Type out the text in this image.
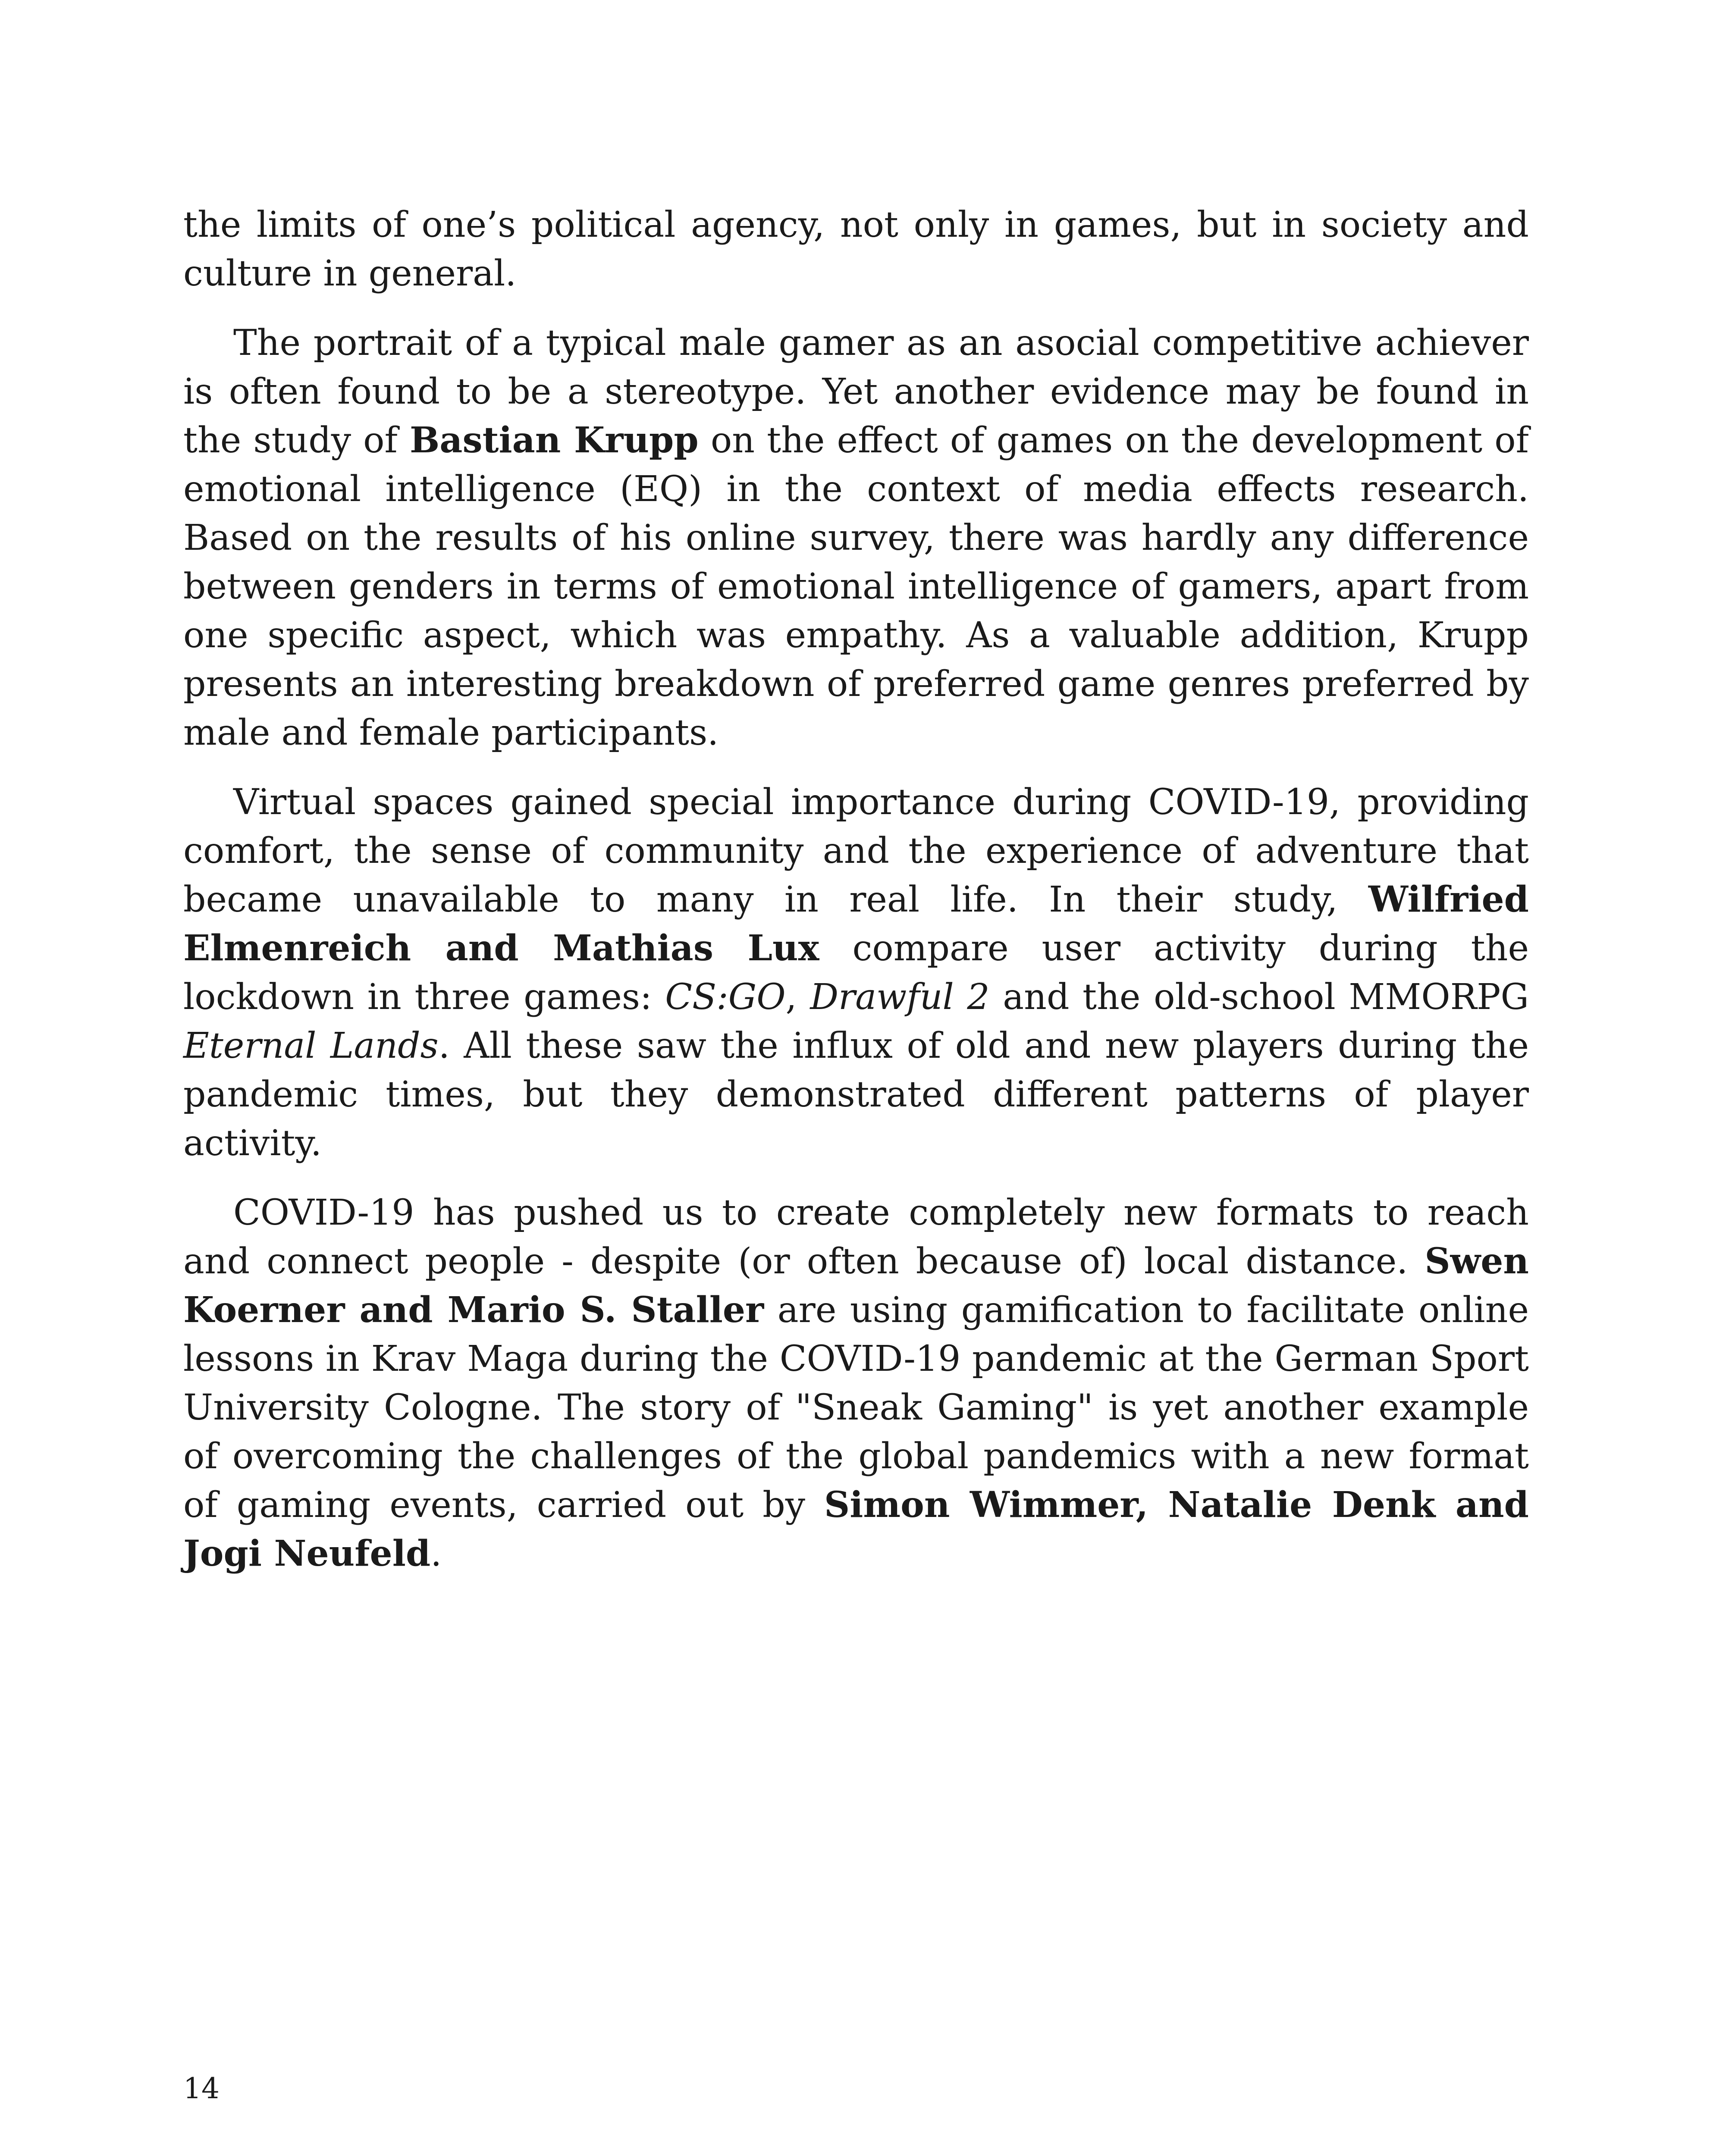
the limits of one’s political agency, not only in games, but in society and culture in general.

The portrait of a typical male gamer as an asocial competitive achiever is often found to be a stereotype. Yet another evidence may be found in the study of Bastian Krupp on the effect of games on the development of emotional intelligence (EQ) in the context of media effects research. Based on the results of his online survey, there was hardly any difference between genders in terms of emotional intelligence of gamers, apart from one specific aspect, which was empathy. As a valuable addition, Krupp presents an interesting breakdown of preferred game genres preferred by male and female participants.

Virtual spaces gained special importance during COVID-19, providing comfort, the sense of community and the experience of adventure that became unavailable to many in real life. In their study, Wilfried Elmenreich and Mathias Lux compare user activity during the lockdown in three games: CS:GO, Drawful 2 and the old-school MMORPG Eternal Lands. All these saw the influx of old and new players during the pandemic times, but they demonstrated different patterns of player activity.

COVID-19 has pushed us to create completely new formats to reach and connect people - despite (or often because of) local distance. Swen Koerner and Mario S. Staller are using gamification to facilitate online lessons in Krav Maga during the COVID-19 pandemic at the German Sport University Cologne. The story of "Sneak Gaming" is yet another example of overcoming the challenges of the global pandemics with a new format of gaming events, carried out by Simon Wimmer, Natalie Denk and Jogi Neufeld.

14
